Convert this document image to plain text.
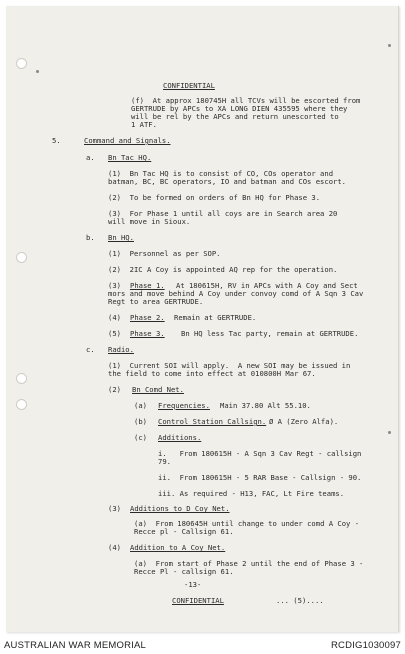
CONFIDENTIAL
(f)  At approx 180745H all TCVs will be escorted from
GERTRUDE by APCs to XA LONG DIEN 435595 where they
will be rel by the APCs and return unescorted to
1 ATF.
5.	Command and Signals.
a. Bn Tac HQ.
(1)  Bn Tac HQ is to consist of CO, COs operator and
batman, BC, BC operators, IO and batman and COs escort.
(2)  To be formed on orders of Bn HQ for Phase 3.
(3)  For Phase 1 until all coys are in Search area 20
will move in Sioux.
b. Bn HQ.
(1)  Personnel as per SOP.
(2)  2IC A Coy is appointed AQ rep for the operation.
(3) Phase 1. At 180615H, RV in APCs with A Coy and Sect
mors and move behind A Coy under convoy comd of A Sqn 3 Cav
Regt to area GERTRUDE.
(4) Phase 2. Remain at GERTRUDE.
(5) Phase 3. Bn HQ less Tac party, remain at GERTRUDE.
c. Radio.
(1)  Current SOI will apply.  A new SOI may be issued in
the field to come into effect at 010800H Mar 67.
(2) Bn Comd Net.
(a) Frequencies. Main 37.80 Alt 55.10.
(b) Control Station Callsign. Ø A (Zero Alfa).
(c) Additions.
i.   From 180615H - A Sqn 3 Cav Regt - callsign
79.
ii.  From 180615H - 5 RAR Base - Callsign - 90.
iii. As required - H13, FAC, Lt Fire teams.
(3) Additions to D Coy Net.
(a)  From 180645H until change to under comd A Coy -
Recce pl - Callsign 61.
(4) Addition to A Coy Net.
(a)  From start of Phase 2 until the end of Phase 3 -
Recce Pl - callsign 61.
-13-
CONFIDENTIAL	... (5)....
AUSTRALIAN WAR MEMORIAL	RCDIG1030097
